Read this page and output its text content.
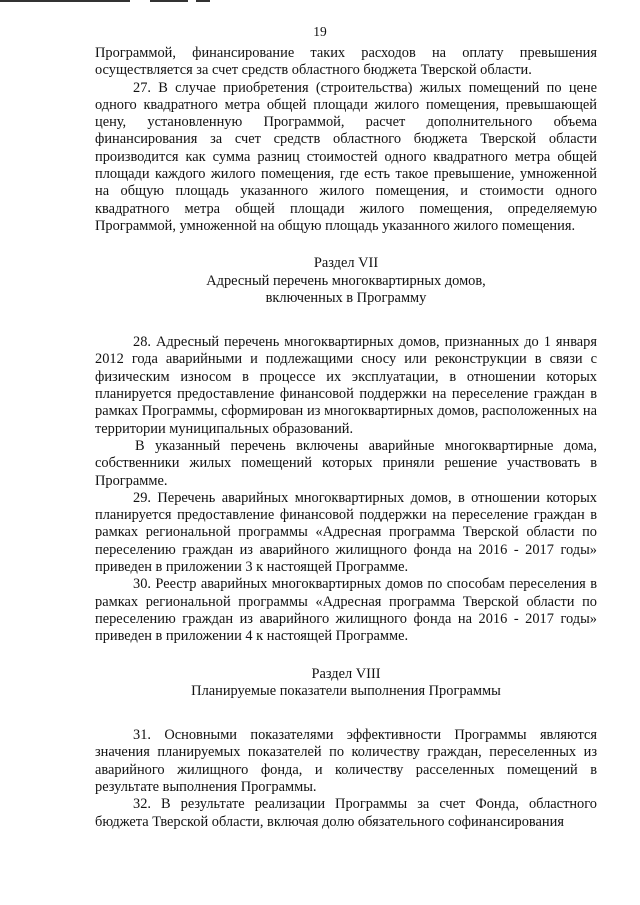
19

Программой, финансирование таких расходов на оплату превышения осуществляется за счет средств областного бюджета Тверской области.

27. В случае приобретения (строительства) жилых помещений по цене одного квадратного метра общей площади жилого помещения, превышающей цену, установленную Программой, расчет дополнительного объема финансирования за счет средств областного бюджета Тверской области производится как сумма разниц стоимостей одного квадратного метра общей площади каждого жилого помещения, где есть такое превышение, умноженной на общую площадь указанного жилого помещения, и стоимости одного квадратного метра общей площади жилого помещения, определяемую Программой, умноженной на общую площадь указанного жилого помещения.

Раздел VII

Адресный перечень многоквартирных домов,

включенных в Программу

28. Адресный перечень многоквартирных домов, признанных до 1 января 2012 года аварийными и подлежащими сносу или реконструкции в связи с физическим износом в процессе их эксплуатации, в отношении которых планируется предоставление финансовой поддержки на переселение граждан в рамках Программы, сформирован из многоквартирных домов, расположенных на территории муниципальных образований.

В указанный перечень включены аварийные многоквартирные дома, собственники жилых помещений которых приняли решение участвовать в Программе.

29. Перечень аварийных многоквартирных домов, в отношении которых планируется предоставление финансовой поддержки на переселение граждан в рамках региональной программы «Адресная программа Тверской области по переселению граждан из аварийного жилищного фонда на 2016 - 2017 годы» приведен в приложении 3 к настоящей Программе.

30. Реестр аварийных многоквартирных домов по способам переселения в рамках региональной программы «Адресная программа Тверской области по переселению граждан из аварийного жилищного фонда на 2016 - 2017 годы» приведен в приложении 4 к настоящей Программе.

Раздел VIII

Планируемые показатели выполнения Программы

31. Основными показателями эффективности Программы являются значения планируемых показателей по количеству граждан, переселенных из аварийного жилищного фонда, и количеству расселенных помещений в результате выполнения Программы.

32. В результате реализации Программы за счет Фонда, областного бюджета Тверской области, включая долю обязательного софинансирования
